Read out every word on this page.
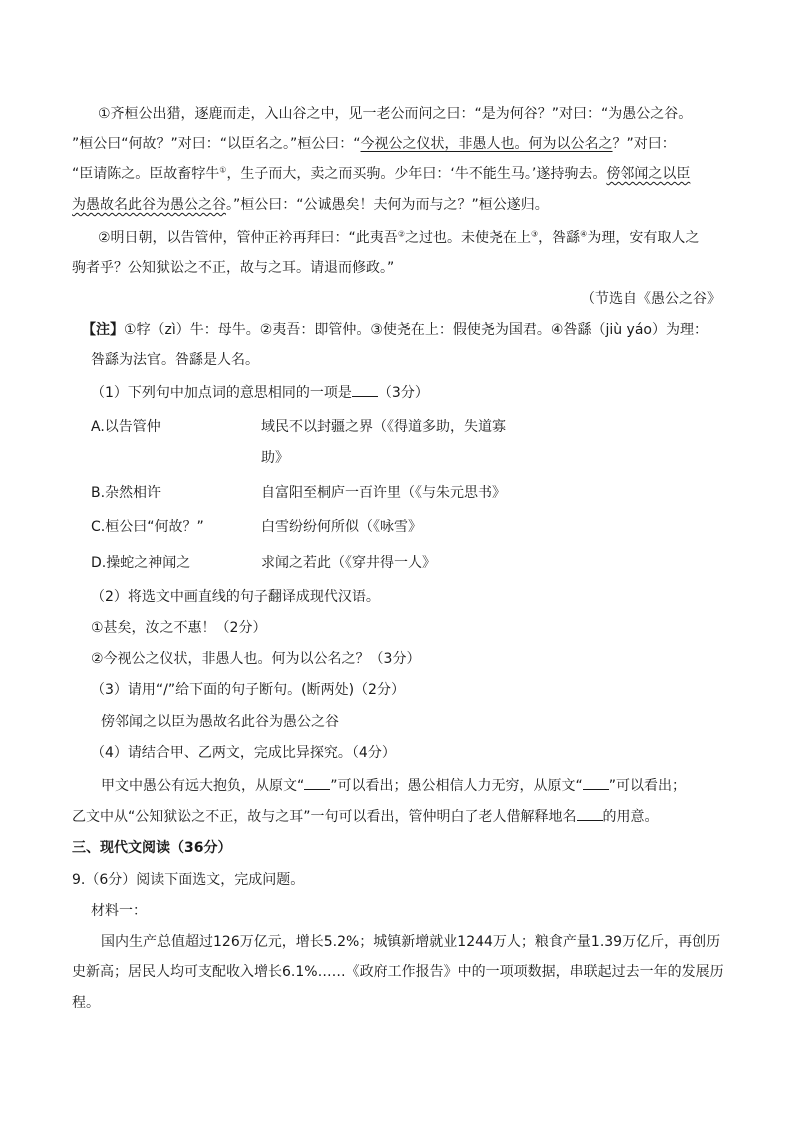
①齐桓公出猎，逐鹿而走，入山谷之中，见一老公而问之曰：“是为何谷？”对曰：“为愚公之谷。
”桓公曰“何故？”对曰：“以臣名之。”桓公曰：“今视公之仪状，非愚人也。何为以公名之？”对曰：
“臣请陈之。臣故畜牸牛①，生子而大，卖之而买驹。少年曰：‘牛不能生马。’遂持驹去。傍邻闻之以臣
为愚故名此谷为愚公之谷。”桓公曰：“公诚愚矣！夫何为而与之？”桓公遂归。
②明日朝，以告管仲，管仲正衿再拜曰：“此夷吾②之过也。未使尧在上③，咎繇④为理，安有取人之
驹者乎？公知狱讼之不正，故与之耳。请退而修政。”
（节选自《愚公之谷》
【注】①牸（zì）牛：母牛。②夷吾：即管仲。③使尧在上：假使尧为国君。④咎繇（jiù yáo）为理：
咎繇为法官。咎繇是人名。
（1）下列句中加点词的意思相同的一项是 （3分）
A.以告管仲	域民不以封疆之界（《得道多助，失道寡
助》
B.杂然相许	自富阳至桐庐一百许里（《与朱元思书》
C.桓公曰“何故？”	白雪纷纷何所似（《咏雪》
D.操蛇之神闻之	求闻之若此（《穿井得一人》
（2）将选文中画直线的句子翻译成现代汉语。
①甚矣，汝之不惠！（2分）
②今视公之仪状，非愚人也。何为以公名之？（3分）
（3）请用“/”给下面的句子断句。(断两处)（2分）
傍邻闻之以臣为愚故名此谷为愚公之谷
（4）请结合甲、乙两文，完成比异探究。（4分）
甲文中愚公有远大抱负，从原文“ ”可以看出；愚公相信人力无穷，从原文“ ”可以看出；
乙文中从“公知狱讼之不正，故与之耳”一句可以看出，管仲明白了老人借解释地名 的用意。
三、现代文阅读（36分）
9.（6分）阅读下面选文，完成问题。
材料一：
国内生产总值超过126万亿元，增长5.2%；城镇新增就业1244万人；粮食产量1.39万亿斤，再创历
史新高；居民人均可支配收入增长6.1%……《政府工作报告》中的一项项数据，串联起过去一年的发展历
程。
